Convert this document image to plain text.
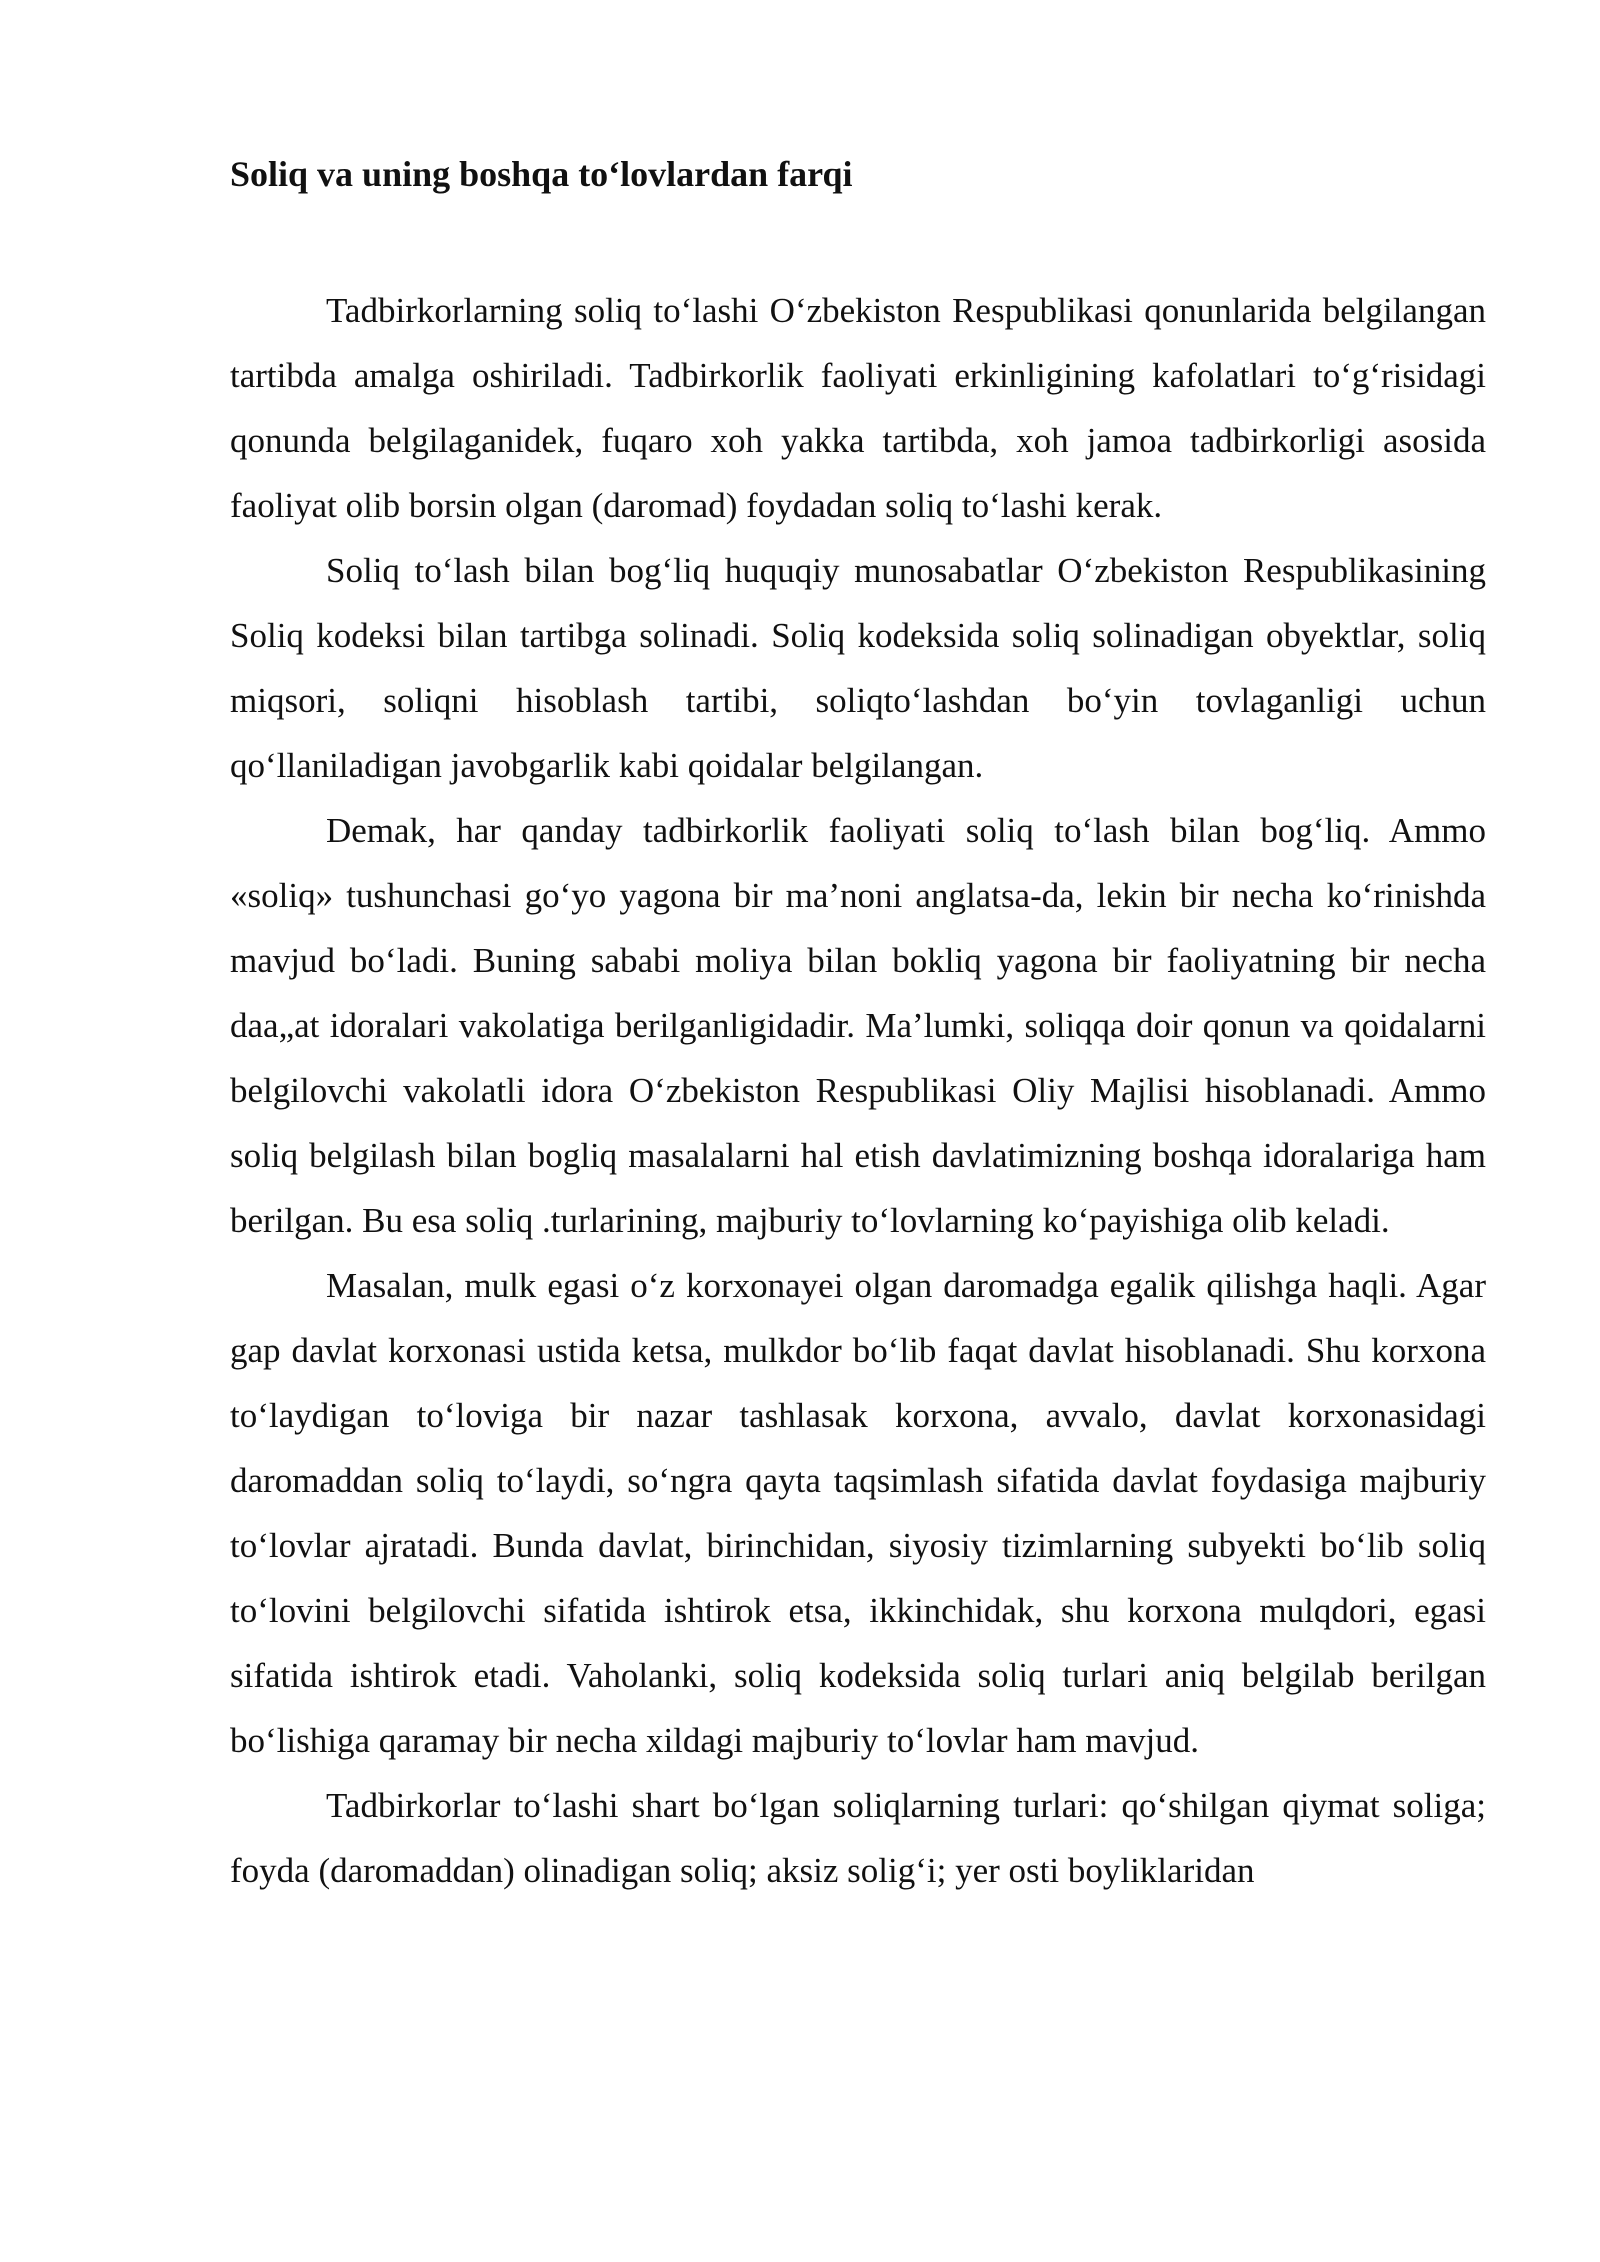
Soliq va uning boshqa to‘lovlardan farqi

Tadbirkorlarning soliq to‘lashi O‘zbekiston Respublikasi qonunlarida belgilangan tartibda amalga oshiriladi. Tadbirkorlik faoliyati erkinligining kafolatlari to‘g‘risidagi qonunda belgilaganidek, fuqaro xoh yakka tartibda, xoh jamoa tadbirkorligi asosida faoliyat olib borsin olgan (daromad) foydadan soliq to‘lashi kerak.

Soliq to‘lash bilan bog‘liq huquqiy munosabatlar O‘zbekiston Respublikasining Soliq kodeksi bilan tartibga solinadi. Soliq kodeksida soliq solinadigan obyektlar, soliq miqsori, soliqni hisoblash tartibi, soliqto‘lashdan bo‘yin tovlaganligi uchun qo‘llaniladigan javobgarlik kabi qoidalar belgilangan.

Demak, har qanday tadbirkorlik faoliyati soliq to‘lash bilan bog‘liq. Ammo «soliq» tushunchasi go‘yo yagona bir ma’noni anglatsa-da, lekin bir necha ko‘rinishda mavjud bo‘ladi. Buning sababi moliya bilan bokliq yagona bir faoliyatning bir necha daa„at idoralari vakolatiga berilganligidadir. Ma’lumki, soliqqa doir qonun va qoidalarni belgilovchi vakolatli idora O‘zbekiston Respublikasi Oliy Majlisi hisoblanadi. Ammo soliq belgilash bilan bogliq masalalarni hal etish davlatimizning boshqa idoralariga ham berilgan. Bu esa soliq .turlarining, majburiy to‘lovlarning ko‘payishiga olib keladi.

Masalan, mulk egasi o‘z korxonayei olgan daromadga egalik qilishga haqli. Agar gap davlat korxonasi ustida ketsa, mulkdor bo‘lib faqat davlat hisoblanadi. Shu korxona to‘laydigan to‘loviga bir nazar tashlasak korxona, avvalo, davlat korxonasidagi daromaddan soliq to‘laydi, so‘ngra qayta taqsimlash sifatida davlat foydasiga majburiy to‘lovlar ajratadi. Bunda davlat, birinchidan, siyosiy tizimlarning subyekti bo‘lib soliq to‘lovini belgilovchi sifatida ishtirok etsa, ikkinchidak, shu korxona mulqdori, egasi sifatida ishtirok etadi. Vaholanki, soliq kodeksida soliq turlari aniq belgilab berilgan bo‘lishiga qaramay bir necha xildagi majburiy to‘lovlar ham mavjud.

Tadbirkorlar to‘lashi shart bo‘lgan soliqlarning turlari: qo‘shilgan qiymat soliga; foyda (daromaddan) olinadigan soliq; aksiz solig‘i; yer osti boyliklaridan
